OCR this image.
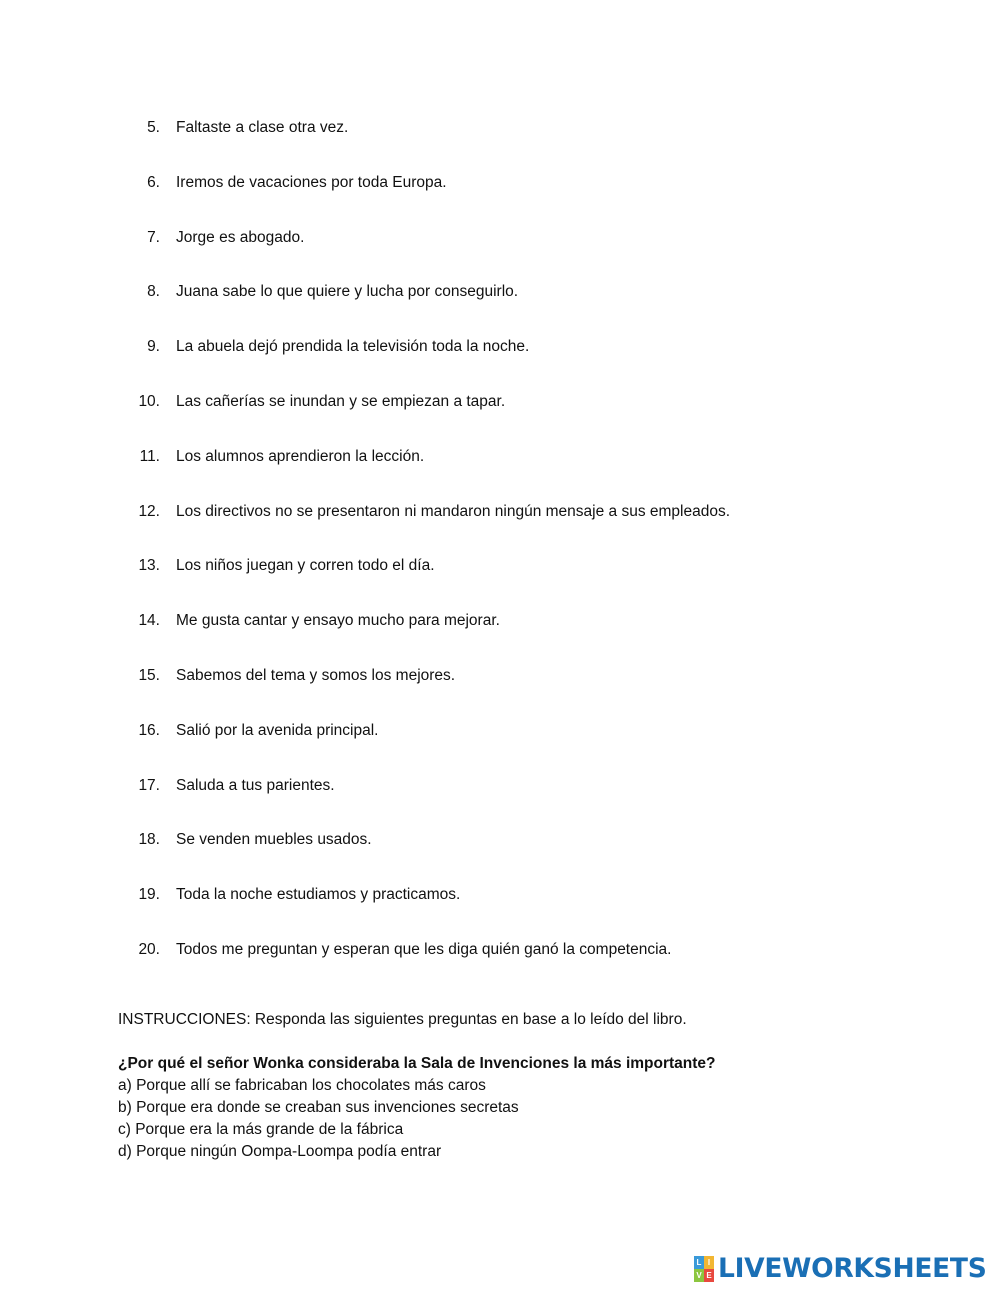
5. Faltaste a clase otra vez.
6. Iremos de vacaciones por toda Europa.
7. Jorge es abogado.
8. Juana sabe lo que quiere y lucha por conseguirlo.
9. La abuela dejó prendida la televisión toda la noche.
10. Las cañerías se inundan y se empiezan a tapar.
11. Los alumnos aprendieron la lección.
12. Los directivos no se presentaron ni mandaron ningún mensaje a sus empleados.
13. Los niños juegan y corren todo el día.
14. Me gusta cantar y ensayo mucho para mejorar.
15. Sabemos del tema y somos los mejores.
16. Salió por la avenida principal.
17. Saluda a tus parientes.
18. Se venden muebles usados.
19. Toda la noche estudiamos y practicamos.
20. Todos me preguntan y esperan que les diga quién ganó la competencia.
INSTRUCCIONES: Responda las siguientes preguntas en base a lo leído del libro.
¿Por qué el señor Wonka consideraba la Sala de Invenciones la más importante?
a) Porque allí se fabricaban los chocolates más caros
b) Porque era donde se creaban sus invenciones secretas
c) Porque era la más grande de la fábrica
d) Porque ningún Oompa-Loompa podía entrar
L I
V E LIVEWORKSHEETS
